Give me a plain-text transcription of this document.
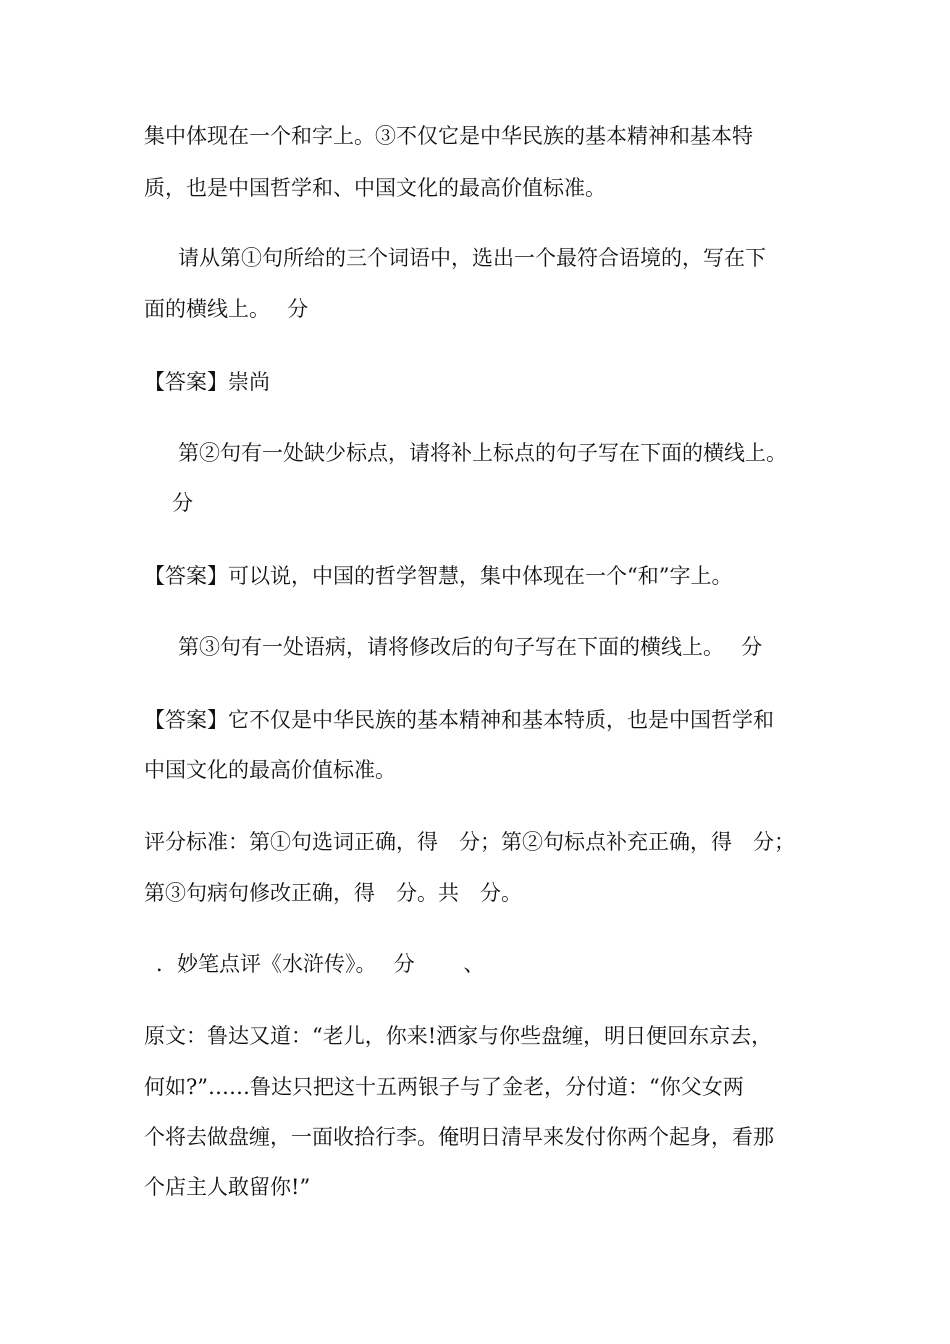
集中体现在一个和字上。③不仅它是中华民族的基本精神和基本特
质，也是中国哲学和、中国文化的最高价值标准。
请从第①句所给的三个词语中，选出一个最符合语境的，写在下
面的横线上。　 分
【答案】崇尚
第②句有一处缺少标点，请将补上标点的句子写在下面的横线上。
分
【答案】可以说，中国的哲学智慧，集中体现在一个“和”字上。
第③句有一处语病，请将修改后的句子写在下面的横线上。　 分
【答案】它不仅是中华民族的基本精神和基本特质，也是中国哲学和
中国文化的最高价值标准。
评分标准：第①句选词正确，得　分；第②句标点补充正确，得　分；
第③句病句修改正确，得　分。共　分。
．妙笔点评《水浒传》。　 分　　 、
原文：鲁达又道：“老儿，你来!洒家与你些盘缠，明日便回东京去，
何如?”……鲁达只把这十五两银子与了金老，分付道：“你父女两
个将去做盘缠，一面收拾行李。俺明日清早来发付你两个起身，看那
个店主人敢留你!”
